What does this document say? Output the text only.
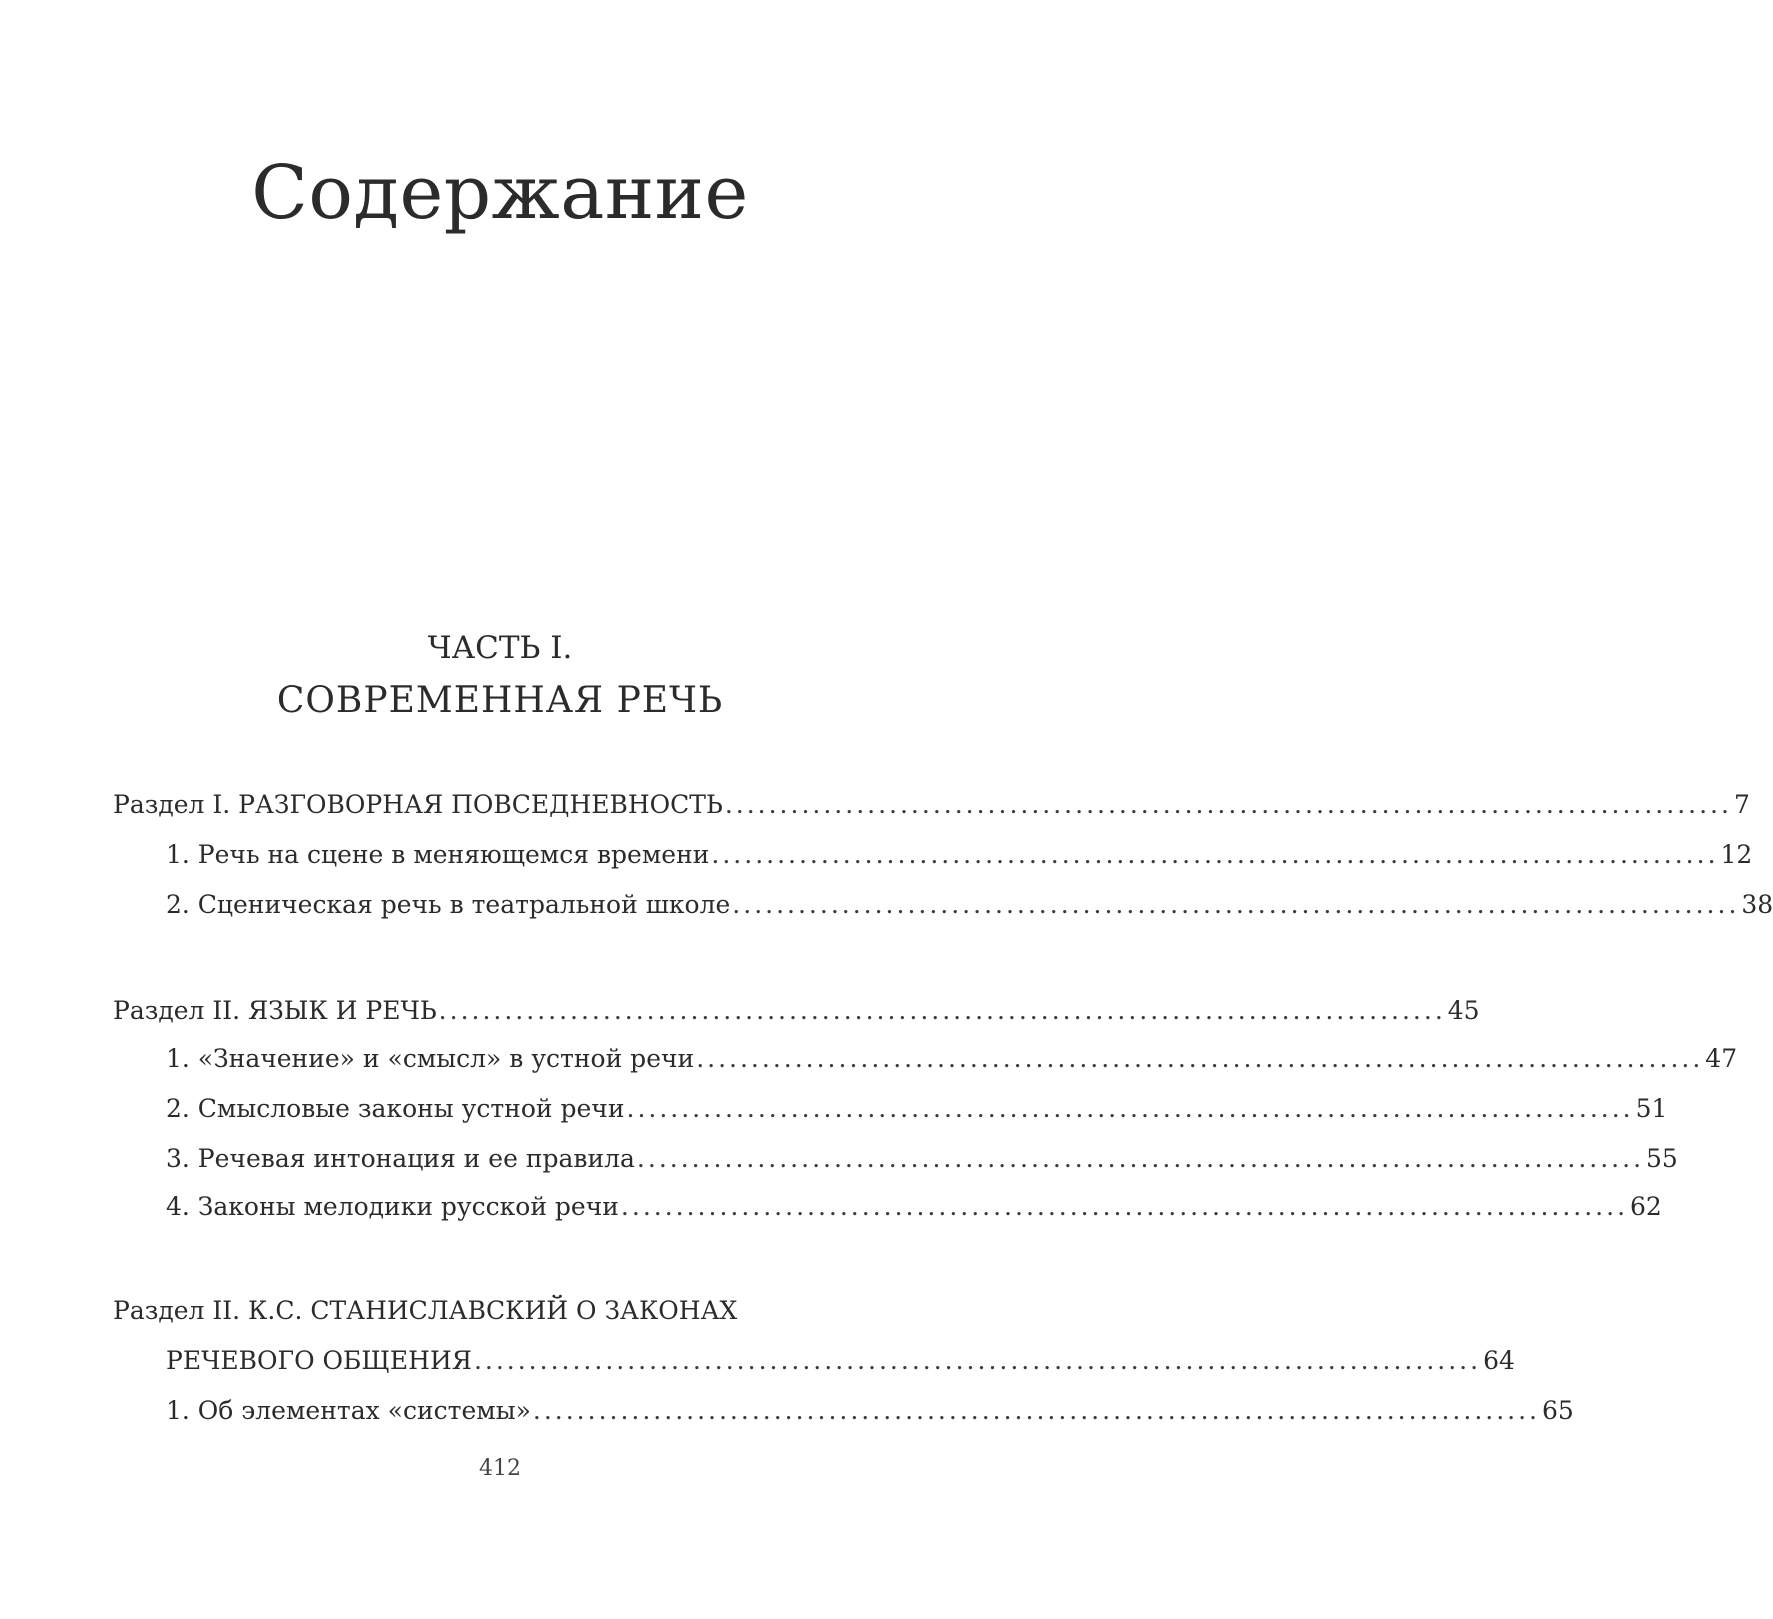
Содержание
ЧАСТЬ I.
СОВРЕМЕННАЯ РЕЧЬ
Раздел I. РАЗГОВОРНАЯ ПОВСЕДНЕВНОСТЬ ............................................................................................ 7
1. Речь на сцене в меняющемся времени ............................................................................................ 12
2. Сценическая речь в театральной школе ............................................................................................ 38
Раздел II. ЯЗЫК И РЕЧЬ ............................................................................................ 45
1. «Значение» и «смысл» в устной речи ............................................................................................ 47
2. Смысловые законы устной речи ............................................................................................ 51
3. Речевая интонация и ее правила ............................................................................................ 55
4. Законы мелодики русской речи ............................................................................................ 62
Раздел II. К.С. СТАНИСЛАВСКИЙ О ЗАКОНАХ
РЕЧЕВОГО ОБЩЕНИЯ ............................................................................................ 64
1. Об элементах «системы» ............................................................................................ 65
412
